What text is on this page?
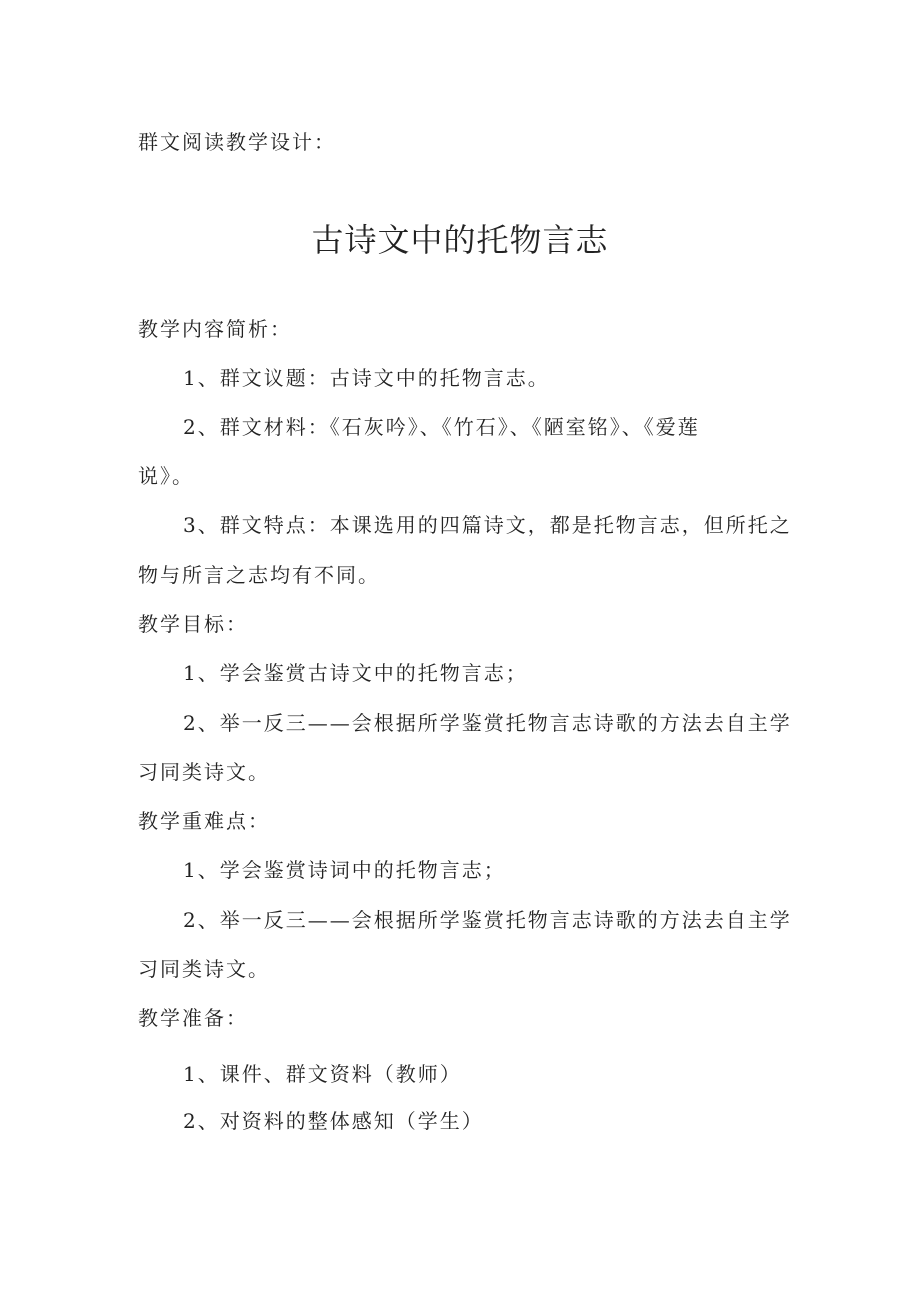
群文阅读教学设计：
古诗文中的托物言志
教学内容简析：
1、群文议题：古诗文中的托物言志。
2、群文材料：《石灰吟》、《竹石》、《陋室铭》、《爱莲
说》。
3、群文特点：本课选用的四篇诗文，都是托物言志，但所托之
物与所言之志均有不同。
教学目标：
1、学会鉴赏古诗文中的托物言志；
2、举一反三——会根据所学鉴赏托物言志诗歌的方法去自主学
习同类诗文。
教学重难点：
1、学会鉴赏诗词中的托物言志；
2、举一反三——会根据所学鉴赏托物言志诗歌的方法去自主学
习同类诗文。
教学准备：
1、课件、群文资料（教师）
2、对资料的整体感知（学生）
